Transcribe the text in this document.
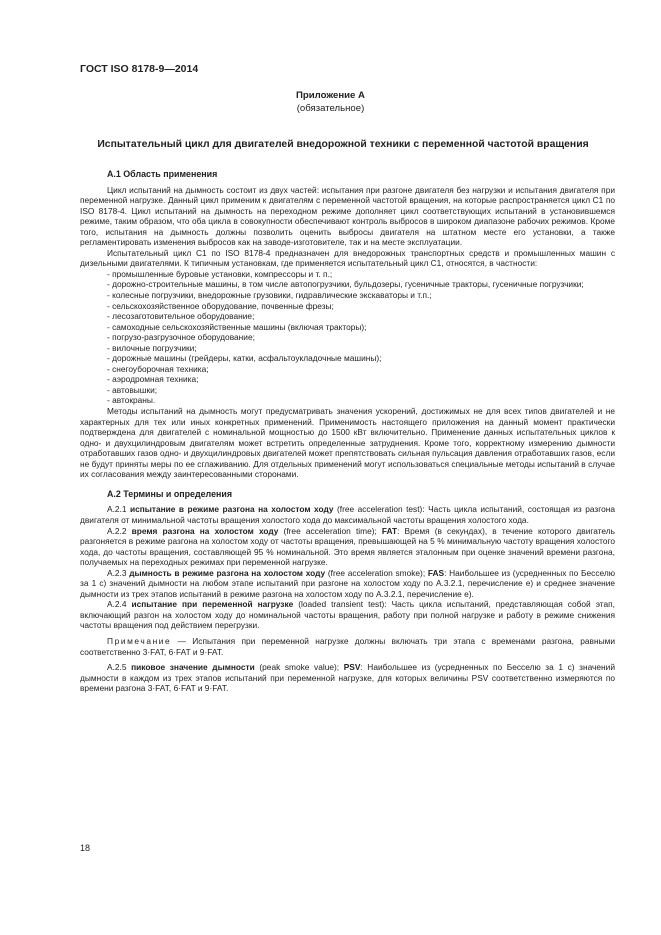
ГОСТ ISO 8178-9—2014
Приложение А
(обязательное)
Испытательный цикл для двигателей внедорожной техники с переменной частотой вращения
А.1 Область применения

Цикл испытаний на дымность состоит из двух частей: испытания при разгоне двигателя без нагрузки и испытания двигателя при переменной нагрузке. Данный цикл применим к двигателям с переменной частотой вращения, на которые распространяется цикл С1 по ISO 8178-4. Цикл испытаний на дымность на переходном режиме дополняет цикл соответствующих испытаний в установившемся режиме, таким образом, что оба цикла в совокупности обеспечивают контроль выбросов в широком диапазоне рабочих режимов. Кроме того, испытания на дымность должны позволить оценить выбросы двигателя на штатном месте его установки, а также регламентировать изменения выбросов как на заводе-изготовителе, так и на месте эксплуатации.

Испытательный цикл С1 по ISO 8178-4 предназначен для внедорожных транспортных средств и промышленных машин с дизельными двигателями. К типичным установкам, где применяется испытательный цикл С1, относятся, в частности:

- промышленные буровые установки, компрессоры и т. п.;
- дорожно-строительные машины, в том числе автопогрузчики, бульдозеры, гусеничные тракторы, гусеничные погрузчики;
- колесные погрузчики, внедорожные грузовики, гидравлические экскаваторы и т.п.;
- сельскохозяйственное оборудование, почвенные фрезы;
- лесозаготовительное оборудование;
- самоходные сельскохозяйственные машины (включая тракторы);
- погрузо-разгрузочное оборудование;
- вилочные погрузчики;
- дорожные машины (грейдеры, катки, асфальтоукладочные машины);
- снегоуборочная техника;
- аэродромная техника;
- автовышки;
- автокраны.

Методы испытаний на дымность могут предусматривать значения ускорений, достижимых не для всех типов двигателей и не характерных для тех или иных конкретных применений. Применимость настоящего приложения на данный момент практически подтверждена для двигателей с номинальной мощностью до 1500 кВт включительно. Применение данных испытательных циклов к одно- и двухцилиндровым двигателям может встретить определенные затруднения. Кроме того, корректному измерению дымности отработавших газов одно- и двухцилиндровых двигателей может препятствовать сильная пульсация давления отработавших газов, если не будут приняты меры по ее сглаживанию. Для отдельных применений могут использоваться специальные методы испытаний в случае их согласования между заинтересованными сторонами.

А.2 Термины и определения

А.2.1 испытание в режиме разгона на холостом ходу (free acceleration test): Часть цикла испытаний, состоящая из разгона двигателя от минимальной частоты вращения холостого хода до максимальной частоты вращения холостого хода.

А.2.2 время разгона на холостом ходу (free acceleration time); FAT: Время (в секундах), в течение которого двигатель разгоняется в режиме разгона на холостом ходу от частоты вращения, превышающей на 5 % минимальную частоту вращения холостого хода, до частоты вращения, составляющей 95 % номинальной. Это время является эталонным при оценке значений времени разгона, получаемых на переходных режимах при переменной нагрузке.

А.2.3 дымность в режиме разгона на холостом ходу (free acceleration smoke); FAS: Наибольшее из (усредненных по Бесселю за 1 с) значений дымности на любом этапе испытаний при разгоне на холостом ходу по А.3.2.1, перечисление е) и среднее значение дымности из трех этапов испытаний в режиме разгона на холостом ходу по А.3.2.1, перечисление е).

А.2.4 испытание при переменной нагрузке (loaded transient test): Часть цикла испытаний, представляющая собой этап, включающий разгон на холостом ходу до номинальной частоты вращения, работу при полной нагрузке и работу в режиме снижения частоты вращения под действием перегрузки.

Примечание — Испытания при переменной нагрузке должны включать три этапа с временами разгона, равными соответственно 3·FAT, 6·FAT и 9·FAT.

А.2.5 пиковое значение дымности (peak smoke value); PSV: Наибольшее из (усредненных по Бесселю за 1 с) значений дымности в каждом из трех этапов испытаний при переменной нагрузке, для которых величины PSV соответственно измеряются по времени разгона 3·FAT, 6·FAT и 9·FAT.

18
